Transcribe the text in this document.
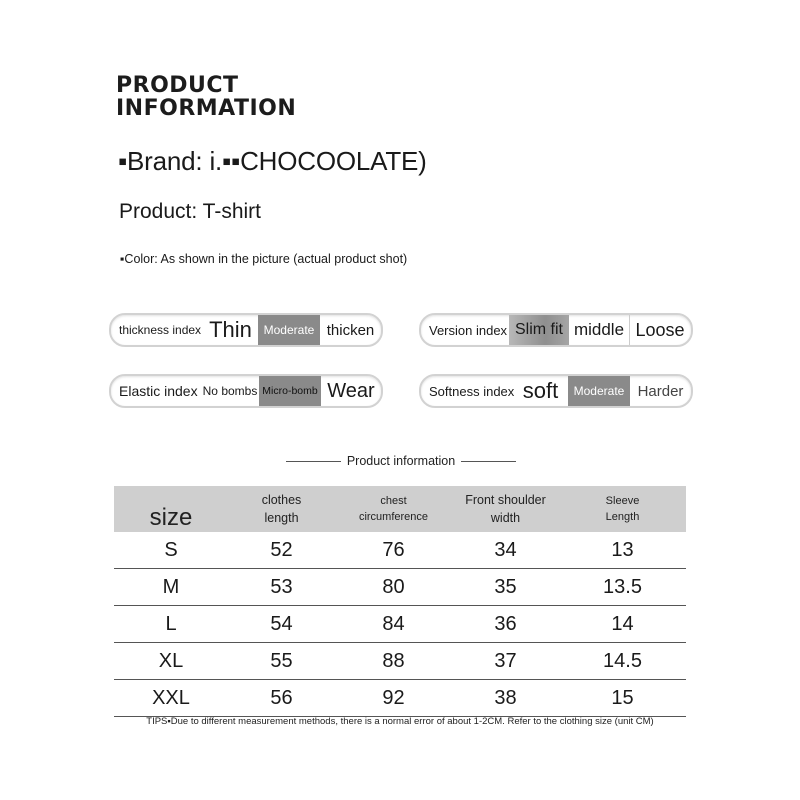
PRODUCT
INFORMATION
▪Brand: i.▪▪CHOCOOLATE)
Product: T-shirt
▪Color: As shown in the picture (actual product shot)
thickness index Thin Moderate thicken	Version index Slim fit middle Loose
Elastic index No bombs Micro-bomb Wear	Softness index soft	Moderate Harder
Product information
size	clothes length	chest circumference	Front shoulder width	Sleeve Length

S	52	76	34	13
M	53	80	35	13.5
L	54	84	36	14
XL	55	88	37	14.5
XXL	56	92	38	15
TIPS▪Due to different measurement methods, there is a normal error of about 1-2CM. Refer to the clothing size (unit CM)
